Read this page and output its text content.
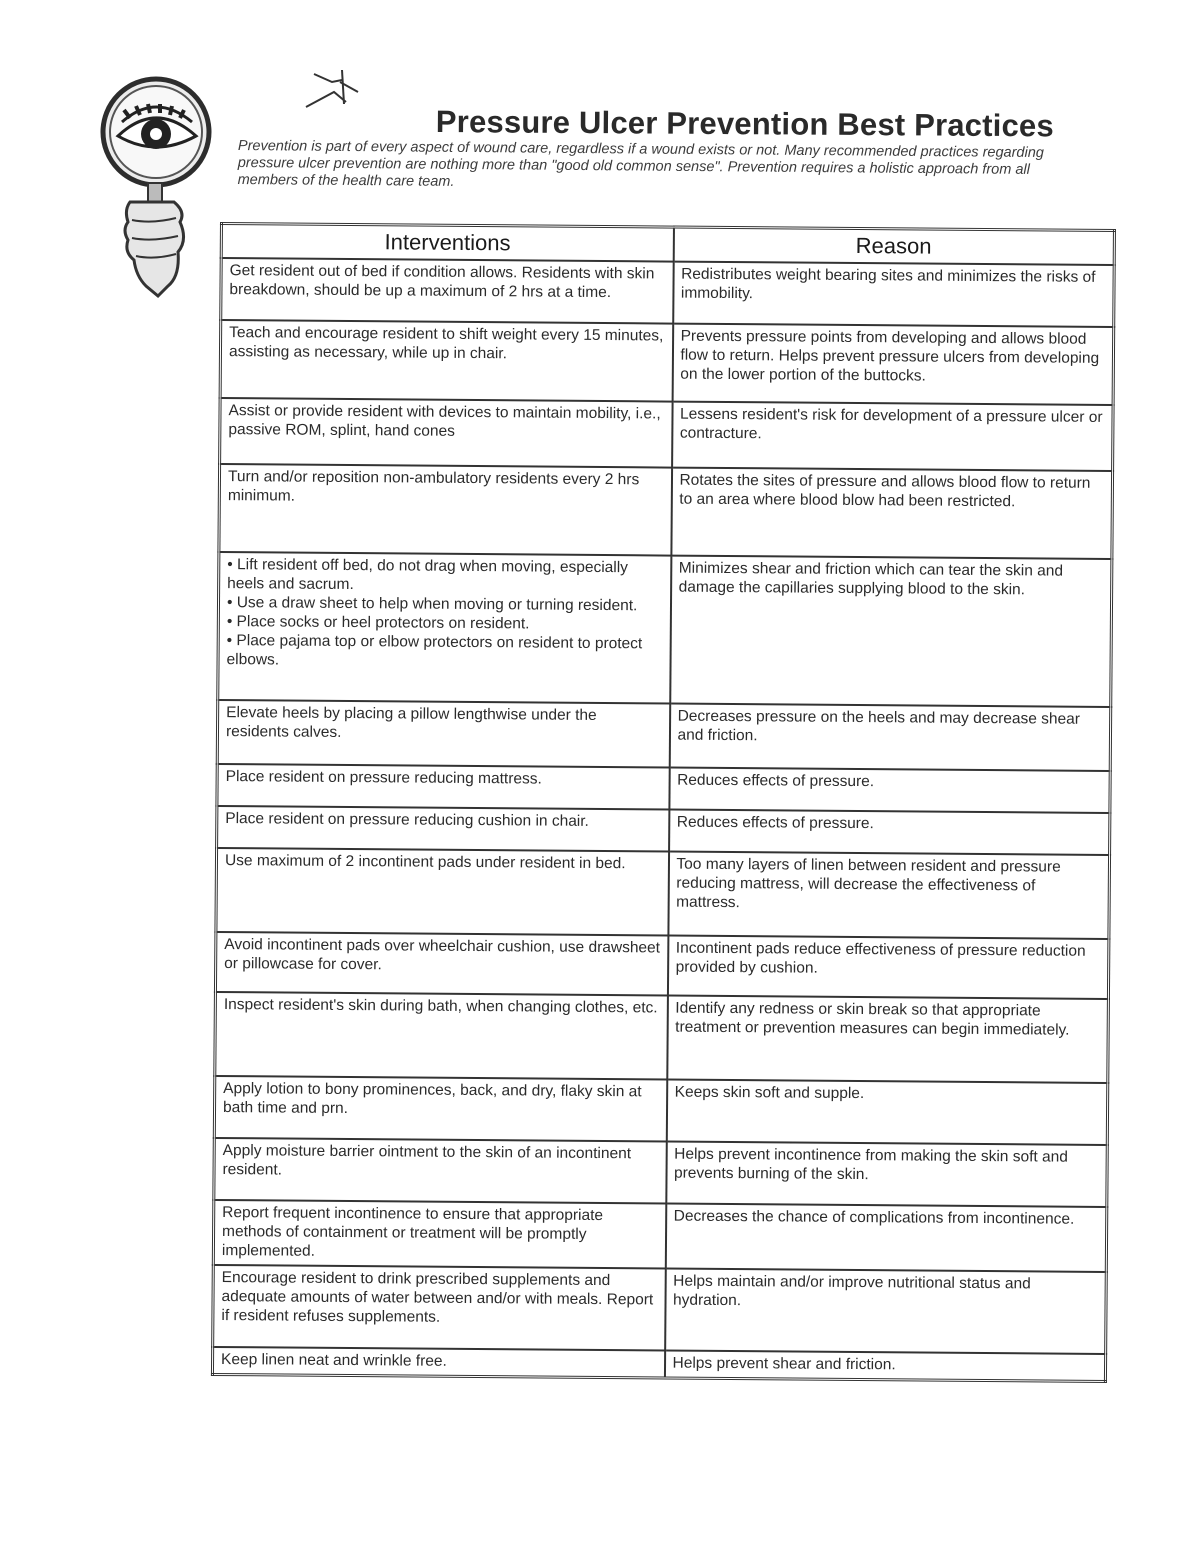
Pressure Ulcer Prevention Best Practices
Prevention is part of every aspect of wound care, regardless if a wound exists or not. Many recommended practices regarding pressure ulcer prevention are nothing more than "good old common sense". Prevention requires a holistic approach from all members of the health care team.
Interventions	Reason
Get resident out of bed if condition allows. Residents with skin breakdown, should be up a maximum of 2 hrs at a time.	Redistributes weight bearing sites and minimizes the risks of immobility.
Teach and encourage resident to shift weight every 15 minutes, assisting as necessary, while up in chair.	Prevents pressure points from developing and allows blood flow to return. Helps prevent pressure ulcers from developing on the lower portion of the buttocks.
Assist or provide resident with devices to maintain mobility, i.e., passive ROM, splint, hand cones	Lessens resident's risk for development of a pressure ulcer or contracture.
Turn and/or reposition non-ambulatory residents every 2 hrs minimum.	Rotates the sites of pressure and allows blood flow to return to an area where blood blow had been restricted.

• Lift resident off bed, do not drag when moving, especially heels and sacrum.
• Use a draw sheet to help when moving or turning resident.
• Place socks or heel protectors on resident.
• Place pajama top or elbow protectors on resident to protect elbows.	Minimizes shear and friction which can tear the skin and damage the capillaries supplying blood to the skin.
Elevate heels by placing a pillow lengthwise under the residents calves.	Decreases pressure on the heels and may decrease shear and friction.
Place resident on pressure reducing mattress.	Reduces effects of pressure.
Place resident on pressure reducing cushion in chair.	Reduces effects of pressure.
Use maximum of 2 incontinent pads under resident in bed.	Too many layers of linen between resident and pressure reducing mattress, will decrease the effectiveness of mattress.
Avoid incontinent pads over wheelchair cushion, use drawsheet or pillowcase for cover.	Incontinent pads reduce effectiveness of pressure reduction provided by cushion.
Inspect resident's skin during bath, when changing clothes, etc.	Identify any redness or skin break so that appropriate treatment or prevention measures can begin immediately.
Apply lotion to bony prominences, back, and dry, flaky skin at bath time and prn.	Keeps skin soft and supple.
Apply moisture barrier ointment to the skin of an incontinent resident.	Helps prevent incontinence from making the skin soft and prevents burning of the skin.
Report frequent incontinence to ensure that appropriate methods of containment or treatment will be promptly implemented.	Decreases the chance of complications from incontinence.
Encourage resident to drink prescribed supplements and adequate amounts of water between and/or with meals. Report if resident refuses supplements.	Helps maintain and/or improve nutritional status and hydration.
Keep linen neat and wrinkle free.	Helps prevent shear and friction.
